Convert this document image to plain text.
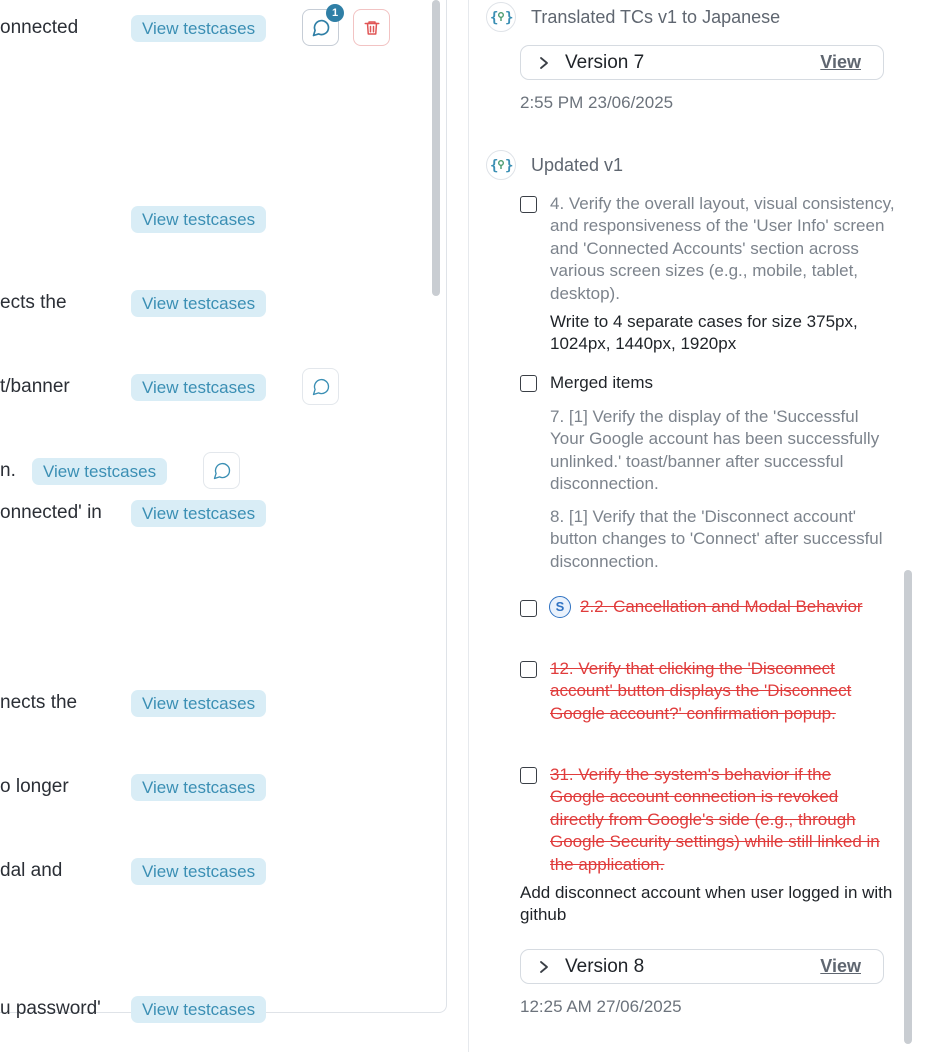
onnected	View testcases
1
View testcases
ects the	View testcases
t/banner	View testcases
n.	View testcases
onnected' in	View testcases
nects the	View testcases
o longer	View testcases
dal and	View testcases
u password'	View testcases
{ } Translated TCs v1 to Japanese
Version 7	View
2:55 PM 23/06/2025
{ } Updated v1
4. Verify the overall layout, visual consistency, and responsiveness of the 'User Info' screen and 'Connected Accounts' section across various screen sizes (e.g., mobile, tablet, desktop).
Write to 4 separate cases for size 375px, 1024px, 1440px, 1920px
Merged items
7. [1] Verify the display of the 'Successful Your Google account has been successfully unlinked.' toast/banner after successful disconnection.
8. [1] Verify that the 'Disconnect account' button changes to 'Connect' after successful disconnection.
S 2.2. Cancellation and Modal Behavior
12. Verify that clicking the 'Disconnect account' button displays the 'Disconnect Google account?' confirmation popup.
31. Verify the system's behavior if the Google account connection is revoked directly from Google's side (e.g., through Google Security settings) while still linked in the application.
Add disconnect account when user logged in with github
Version 8	View
12:25 AM 27/06/2025
